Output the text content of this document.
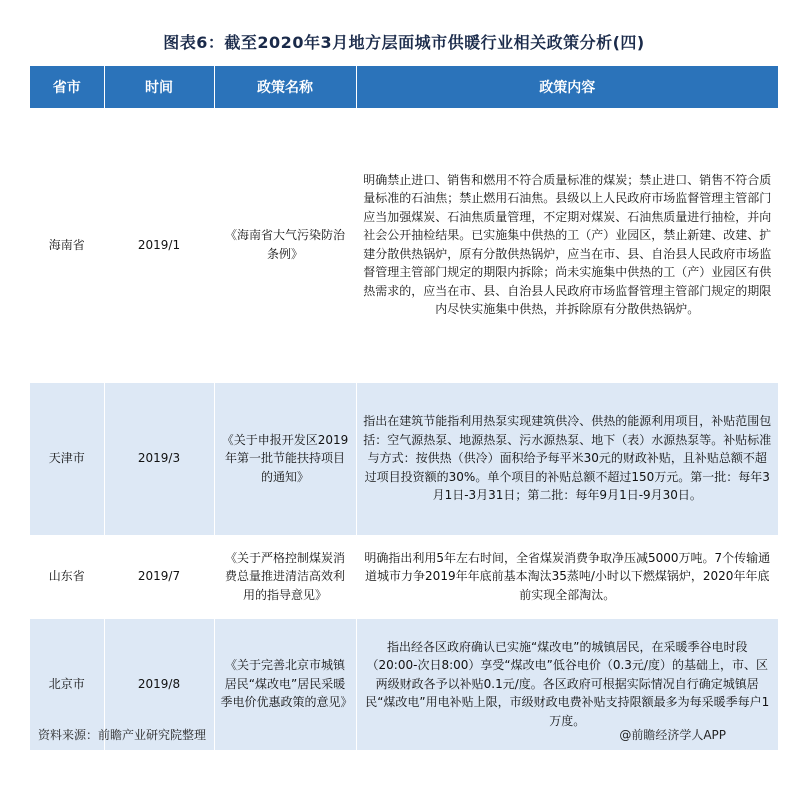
图表6：截至2020年3月地方层面城市供暖行业相关政策分析(四)
省市	时间	政策名称	政策内容
海南省	2019/1	《海南省大气污染防治条例》	明确禁止进口、销售和燃用不符合质量标准的煤炭；禁止进口、销售不符合质量标准的石油焦；禁止燃用石油焦。县级以上人民政府市场监督管理主管部门应当加强煤炭、石油焦质量管理，不定期对煤炭、石油焦质量进行抽检，并向社会公开抽检结果。已实施集中供热的工（产）业园区，禁止新建、改建、扩建分散供热锅炉，原有分散供热锅炉，应当在市、县、自治县人民政府市场监督管理主管部门规定的期限内拆除；尚未实施集中供热的工（产）业园区有供热需求的，应当在市、县、自治县人民政府市场监督管理主管部门规定的期限内尽快实施集中供热，并拆除原有分散供热锅炉。
天津市	2019/3	《关于申报开发区2019年第一批节能扶持项目的通知》	指出在建筑节能指利用热泵实现建筑供冷、供热的能源利用项目，补贴范围包括：空气源热泵、地源热泵、污水源热泵、地下（表）水源热泵等。补贴标准与方式：按供热（供冷）面积给予每平米30元的财政补贴，且补贴总额不超过项目投资额的30%。单个项目的补贴总额不超过150万元。第一批：每年3月1日-3月31日；第二批：每年9月1日-9月30日。
山东省	2019/7	《关于严格控制煤炭消费总量推进清洁高效利用的指导意见》	明确指出利用5年左右时间，全省煤炭消费争取净压减5000万吨。7个传输通道城市力争2019年年底前基本淘汰35蒸吨/小时以下燃煤锅炉，2020年年底前实现全部淘汰。
北京市	2019/8	《关于完善北京市城镇居民“煤改电”居民采暖季电价优惠政策的意见》	指出经各区政府确认已实施“煤改电”的城镇居民，在采暖季谷电时段（20:00-次日8:00）享受“煤改电”低谷电价（0.3元/度）的基础上，市、区两级财政各予以补贴0.1元/度。各区政府可根据实际情况自行确定城镇居民“煤改电”用电补贴上限，市级财政电费补贴支持限额最多为每采暖季每户1万度。
资料来源：前瞻产业研究院整理	@前瞻经济学人APP
